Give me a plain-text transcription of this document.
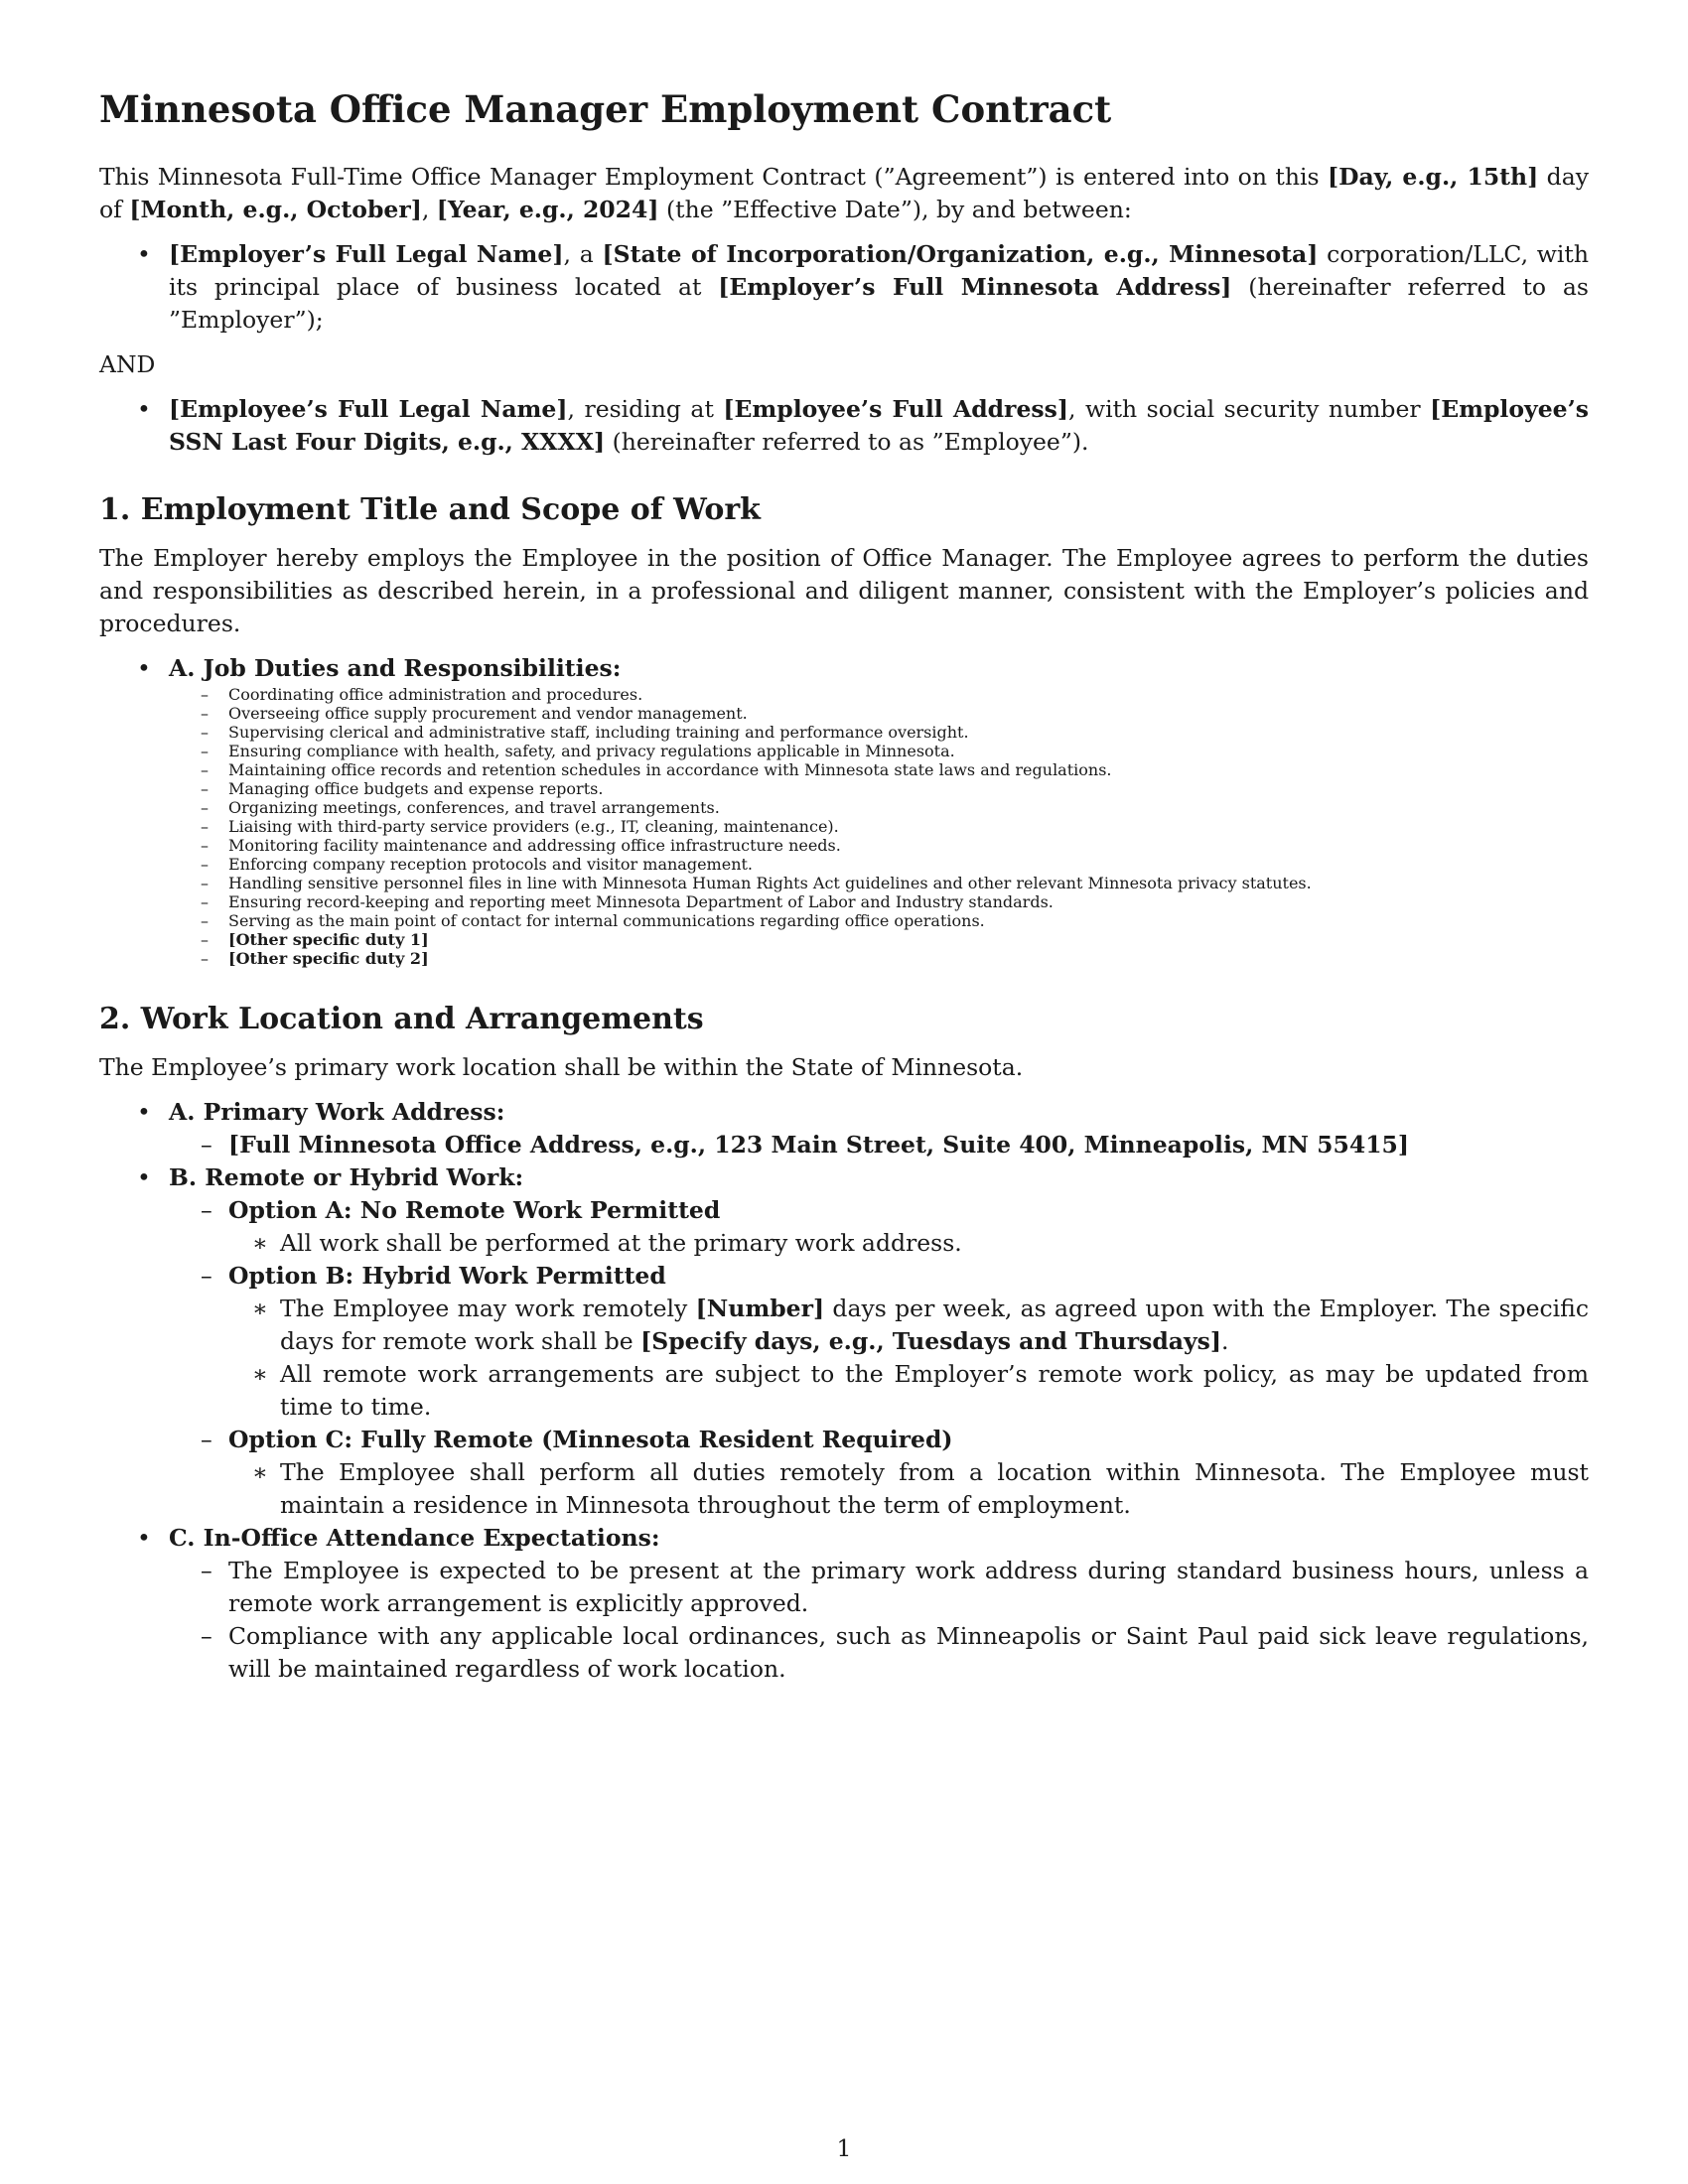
Minnesota Office Manager Employment Contract

This Minnesota Full-Time Office Manager Employment Contract (”Agreement”) is entered into on this [Day, e.g., 15th] day of [Month, e.g., October], [Year, e.g., 2024] (the ”Effective Date”), by and between:

• [Employer’s Full Legal Name], a [State of Incorporation/Organization, e.g., Minnesota] corporation/LLC, with its principal place of business located at [Employer’s Full Minnesota Address] (hereinafter referred to as ”Employer”);

AND

• [Employee’s Full Legal Name], residing at [Employee’s Full Address], with social security number [Employee’s SSN Last Four Digits, e.g., XXXX] (hereinafter referred to as ”Employee”).
1. Employment Title and Scope of Work

The Employer hereby employs the Employee in the position of Office Manager. The Employee agrees to perform the duties and responsibilities as described herein, in a professional and diligent manner, consistent with the Employer’s policies and procedures.

• A. Job Duties and Responsibilities:
– Coordinating office administration and procedures.
– Overseeing office supply procurement and vendor management.
– Supervising clerical and administrative staff, including training and performance oversight.
– Ensuring compliance with health, safety, and privacy regulations applicable in Minnesota.
– Maintaining office records and retention schedules in accordance with Minnesota state laws and regulations.
– Managing office budgets and expense reports.
– Organizing meetings, conferences, and travel arrangements.
– Liaising with third-party service providers (e.g., IT, cleaning, maintenance).
– Monitoring facility maintenance and addressing office infrastructure needs.
– Enforcing company reception protocols and visitor management.
– Handling sensitive personnel files in line with Minnesota Human Rights Act guidelines and other relevant Minnesota privacy statutes.
– Ensuring record-keeping and reporting meet Minnesota Department of Labor and Industry standards.
– Serving as the main point of contact for internal communications regarding office operations.
– [Other specific duty 1]
– [Other specific duty 2]
2. Work Location and Arrangements

The Employee’s primary work location shall be within the State of Minnesota.

• A. Primary Work Address:
– [Full Minnesota Office Address, e.g., 123 Main Street, Suite 400, Minneapolis, MN 55415]
• B. Remote or Hybrid Work:
– Option A: No Remote Work Permitted
∗ All work shall be performed at the primary work address.
– Option B: Hybrid Work Permitted
∗ The Employee may work remotely [Number] days per week, as agreed upon with the Employer. The specific days for remote work shall be [Specify days, e.g., Tuesdays and Thursdays].
∗ All remote work arrangements are subject to the Employer’s remote work policy, as may be updated from time to time.
– Option C: Fully Remote (Minnesota Resident Required)
∗ The Employee shall perform all duties remotely from a location within Minnesota. The Employee must maintain a residence in Minnesota throughout the term of employment.
• C. In-Office Attendance Expectations:
– The Employee is expected to be present at the primary work address during standard business hours, unless a remote work arrangement is explicitly approved.
– Compliance with any applicable local ordinances, such as Minneapolis or Saint Paul paid sick leave regulations, will be maintained regardless of work location.
1
